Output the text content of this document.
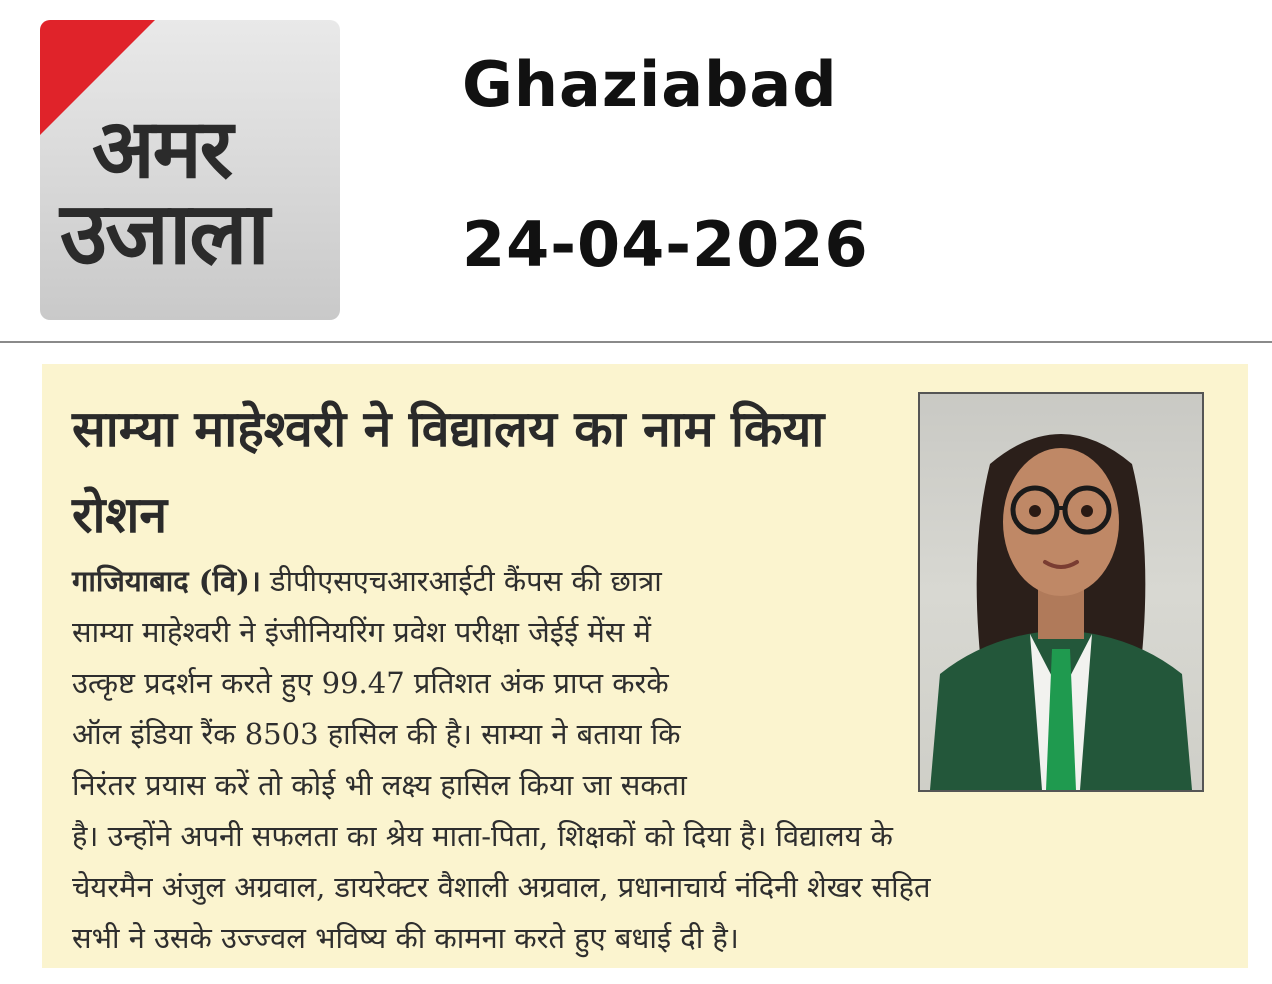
अमर
उजाला
Ghaziabad
24-04-2026
साम्या माहेश्वरी ने विद्यालय का नाम किया रोशन
गाजियाबाद (वि)। डीपीएसएचआरआईटी कैंपस की छात्रा
साम्या माहेश्वरी ने इंजीनियरिंग प्रवेश परीक्षा जेईई मेंस में
उत्कृष्ट प्रदर्शन करते हुए 99.47 प्रतिशत अंक प्राप्त करके
ऑल इंडिया रैंक 8503 हासिल की है। साम्या ने बताया कि
निरंतर प्रयास करें तो कोई भी लक्ष्य हासिल किया जा सकता
है। उन्होंने अपनी सफलता का श्रेय माता-पिता, शिक्षकों को दिया है। विद्यालय के
चेयरमैन अंजुल अग्रवाल, डायरेक्टर वैशाली अग्रवाल, प्रधानाचार्य नंदिनी शेखर सहित
सभी ने उसके उज्ज्वल भविष्य की कामना करते हुए बधाई दी है।
